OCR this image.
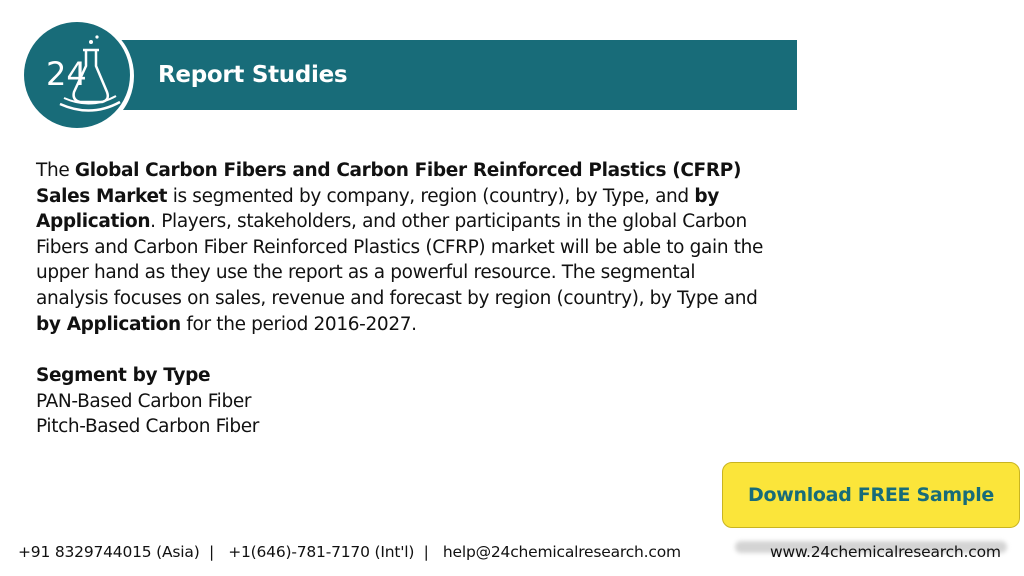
Report Studies
24
The Global Carbon Fibers and Carbon Fiber Reinforced Plastics (CFRP) Sales Market is segmented by company, region (country), by Type, and by Application. Players, stakeholders, and other participants in the global Carbon Fibers and Carbon Fiber Reinforced Plastics (CFRP) market will be able to gain the upper hand as they use the report as a powerful resource. The segmental analysis focuses on sales, revenue and forecast by region (country), by Type and by Application for the period 2016-2027.
Segment by Type
PAN-Based Carbon Fiber
Pitch-Based Carbon Fiber
Download FREE Sample
+91 8329744015 (Asia)  |   +1(646)-781-7170 (Int'l)  |   help@24chemicalresearch.com	www.24chemicalresearch.com
